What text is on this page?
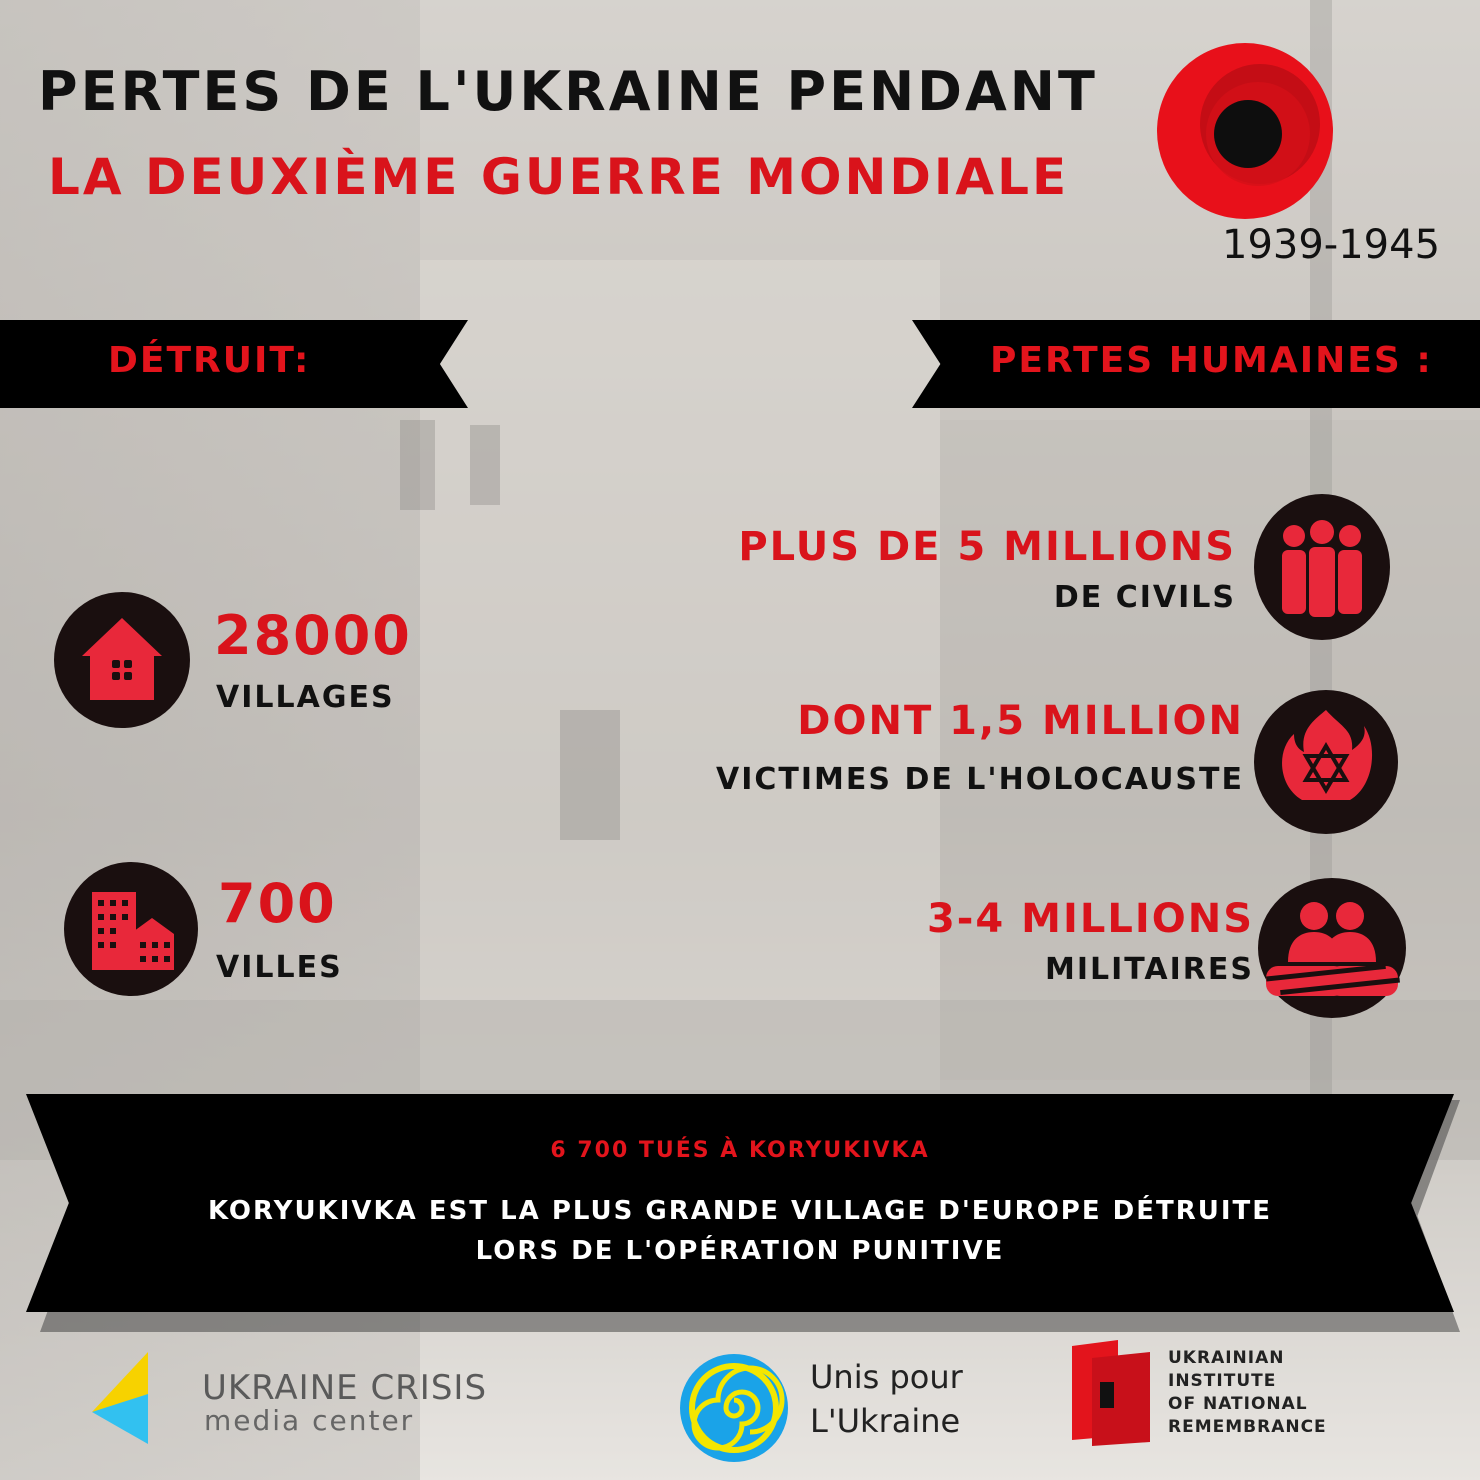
PERTES DE L'UKRAINE PENDANT
LA DEUXIÈME GUERRE MONDIALE
1939-1945
DÉTRUIT:	PERTES HUMAINES :
28000
VILLAGES
700
VILLES
PLUS DE 5 MILLIONS
DE CIVILS
DONT 1,5 MILLION
VICTIMES DE L'HOLOCAUSTE
3-4 MILLIONS
MILITAIRES
6 700 TUÉS À KORYUKIVKA
KORYUKIVKA EST LA PLUS GRANDE VILLAGE D'EUROPE DÉTRUITE
LORS DE L'OPÉRATION PUNITIVE
UKRAINE CRISIS
media center
Unis pour
L'Ukraine
UKRAINIAN
INSTITUTE
OF NATIONAL
REMEMBRANCE
